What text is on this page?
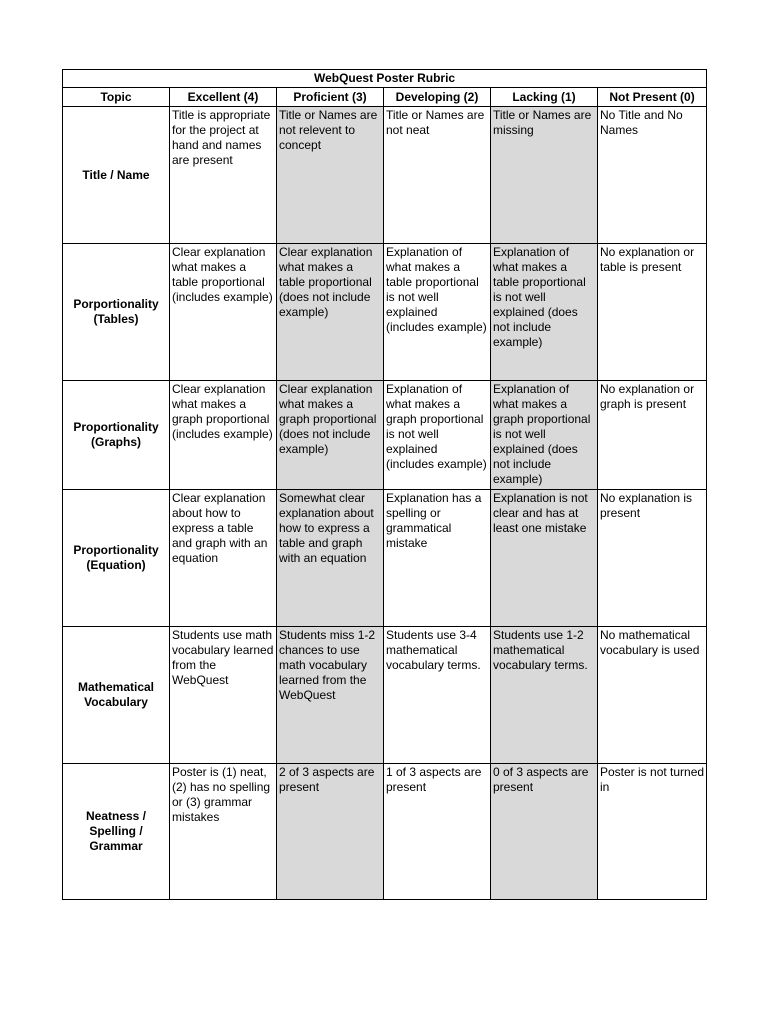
WebQuest Poster Rubric					
Topic	Excellent (4)	Proficient (3)	Developing (2)	Lacking (1)	Not Present (0)
Title / Name	Title is appropriate for the project at hand and names are present	Title or Names are not relevent to concept	Title or Names are not neat	Title or Names are missing	No Title and No Names
Porportionality (Tables)	Clear explanation what makes a table proportional (includes example)	Clear explanation what makes a table proportional (does not include example)	Explanation of what makes a table proportional is not well explained (includes example)	Explanation of what makes a table proportional is not well explained (does not include example)	No explanation or table is present
Proportionality (Graphs)	Clear explanation what makes a graph proportional (includes example)	Clear explanation what makes a graph proportional (does not include example)	Explanation of what makes a graph proportional is not well explained (includes example)	Explanation of what makes a graph proportional is not well explained (does not include example)	No explanation or graph is present
Proportionality (Equation)	Clear explanation about how to express a table and graph with an equation	Somewhat clear explanation about how to express a table and graph with an equation	Explanation has a spelling or grammatical mistake	Explanation is not clear and has at least one mistake	No explanation is present
Mathematical Vocabulary	Students use math vocabulary learned from the WebQuest	Students miss 1-2 chances to use math vocabulary learned from the WebQuest	Students use 3-4 mathematical vocabulary terms.	Students use 1-2 mathematical vocabulary terms.	No mathematical vocabulary is used
Neatness / Spelling / Grammar	Poster is (1) neat, (2) has no spelling or (3) grammar mistakes	2 of 3 aspects are present	1 of 3 aspects are present	0 of 3 aspects are present	Poster is not turned in
